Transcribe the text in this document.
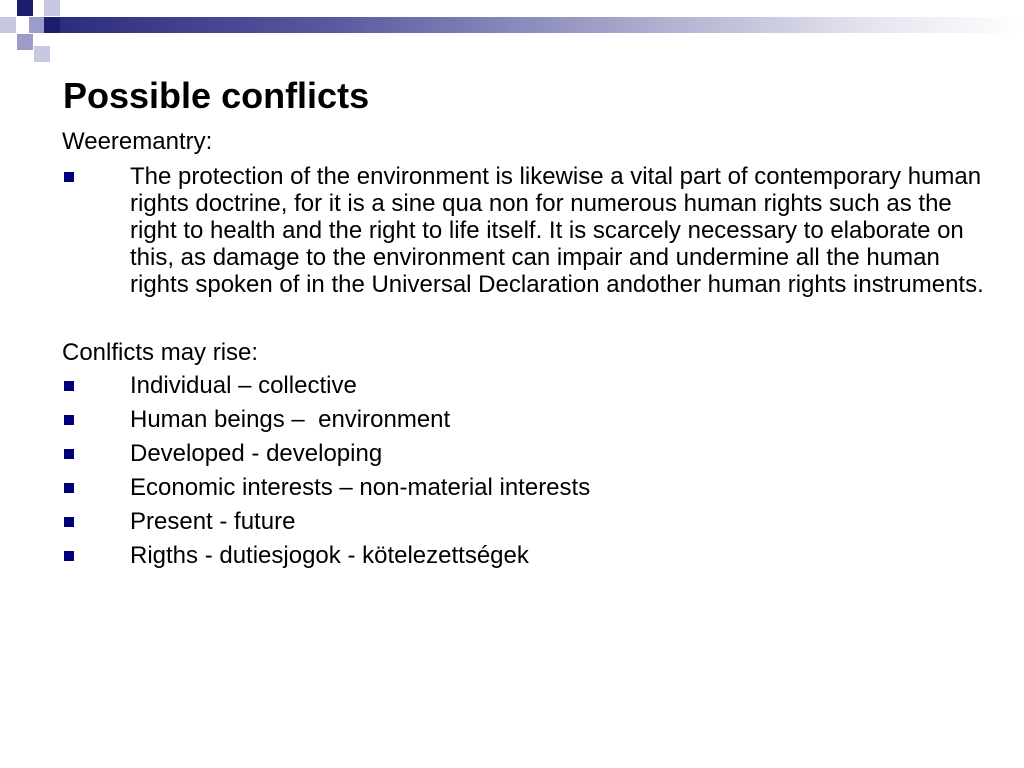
Possible conflicts

Weeremantry:

The protection of the environment is likewise a vital part of contemporary human rights doctrine, for it is a sine qua non for numerous human rights such as the right to health and the right to life itself. It is scarcely necessary to elaborate on this, as damage to the environment can impair and undermine all the human rights spoken of in the Universal Declaration andother human rights instruments.

Conlficts may rise:

Individual – collective
Human beings –  environment
Developed - developing
Economic interests – non-material interests
Present - future
Rigths - dutiesjogok - kötelezettségek
